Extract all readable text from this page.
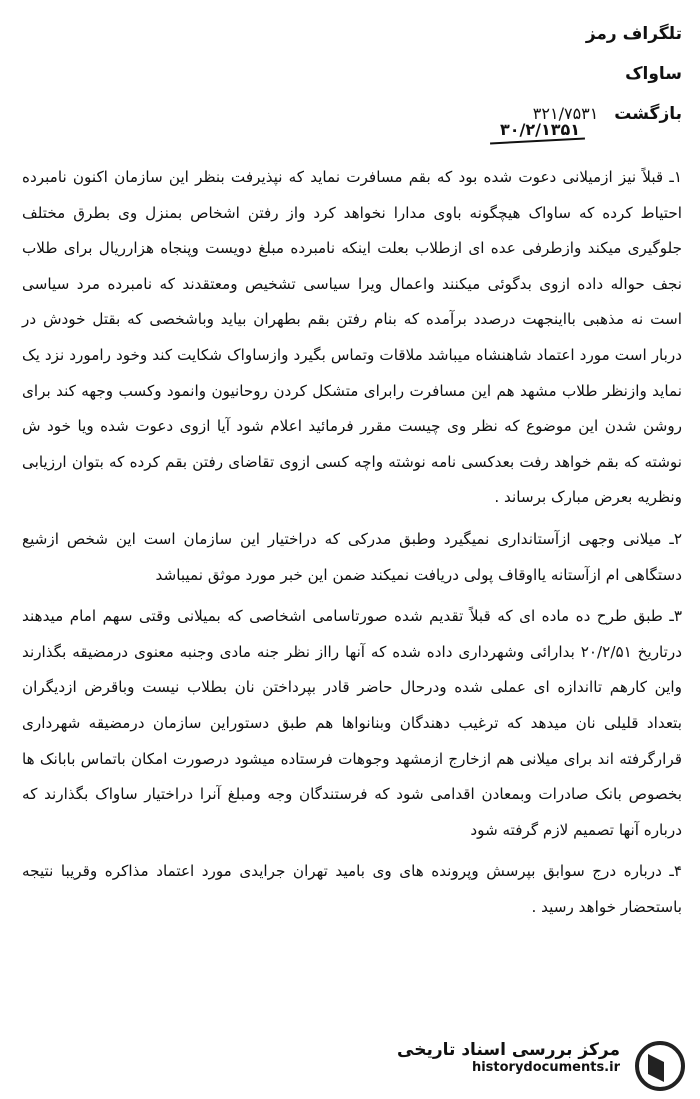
تلگراف رمز
ساواک
بازگشت ۳۲۱/۷۵۳۱
۳۰/۲/۱۳۵۱

۱ـ قبلاً نیز ازمیلانی دعوت شده بود که بقم مسافرت نماید که نپذیرفت بنظر این سازمان اکنون نامبرده احتیاط کرده که ساواک هیچگونه باوی مدارا نخواهد کرد واز رفتن اشخاص بمنزل وی بطرق مختلف جلوگیری میکند وازطرفی عده ای ازطلاب بعلت اینکه نامبرده مبلغ دویست وپنجاه هزارریال برای طلاب نجف حواله داده ازوی بدگوئی میکنند واعمال ویرا سیاسی تشخیص ومعتقدند که نامبرده مرد سیاسی است نه مذهبی بااینجهت درصدد برآمده که بنام رفتن بقم بطهران بیاید وباشخصی که بقتل خودش در دربار است مورد اعتماد شاهنشاه میباشد ملاقات وتماس بگیرد وازساواک شکایت کند وخود رامورد نزد یک نماید وازنظر طلاب مشهد هم این مسافرت رابرای متشکل کردن روحانیون وانمود وکسب وجهه کند برای روشن شدن این موضوع که نظر وی چیست مقرر فرمائید اعلام شود آیا ازوی دعوت شده ویا خود ش نوشته که بقم خواهد رفت بعدکسی نامه نوشته واچه کسی ازوی تقاضای رفتن بقم کرده که بتوان ارزیابی ونظریه بعرض مبارک برساند .

۲ـ میلانی وجهی ازآستانداری نمیگیرد وطبق مدرکی که دراختیار این سازمان است این شخص ازشیع دستگاهی ام ازآستانه یااوقاف پولی دریافت نمیکند ضمن این خبر مورد موثق نمیباشد

۳ـ طبق طرح ده ماده ای که قبلاً تقدیم شده صورتاسامی اشخاصی که بمیلانی وقتی سهم امام میدهند درتاریخ ۲۰/۲/۵۱ بدارائی وشهرداری داده شده که آنها رااز نظر جنه مادی وجنبه معنوی درمضیقه بگذارند واین کارهم تااندازه ای عملی شده ودرحال حاضر قادر بپرداختن نان بطلاب نیست وباقرض ازدیگران بتعداد قلیلی نان میدهد که ترغیب دهندگان وبنانواها هم طبق دستوراین سازمان درمضیقه شهرداری قرارگرفته اند برای میلانی هم ازخارج ازمشهد وجوهات فرستاده میشود درصورت امکان باتماس بابانک ها بخصوص بانک صادرات وبمعادن اقدامی شود که فرستندگان وجه ومبلغ آنرا دراختیار ساواک بگذارند که درباره آنها تصمیم لازم گرفته شود

۴ـ درباره درج سوابق بپرسش وپرونده های وی بامید تهران جرایدی مورد اعتماد مذاکره وقریبا نتیجه باستحضار خواهد رسید .

مرکز بررسی اسناد تاریخی
historydocuments.ir
